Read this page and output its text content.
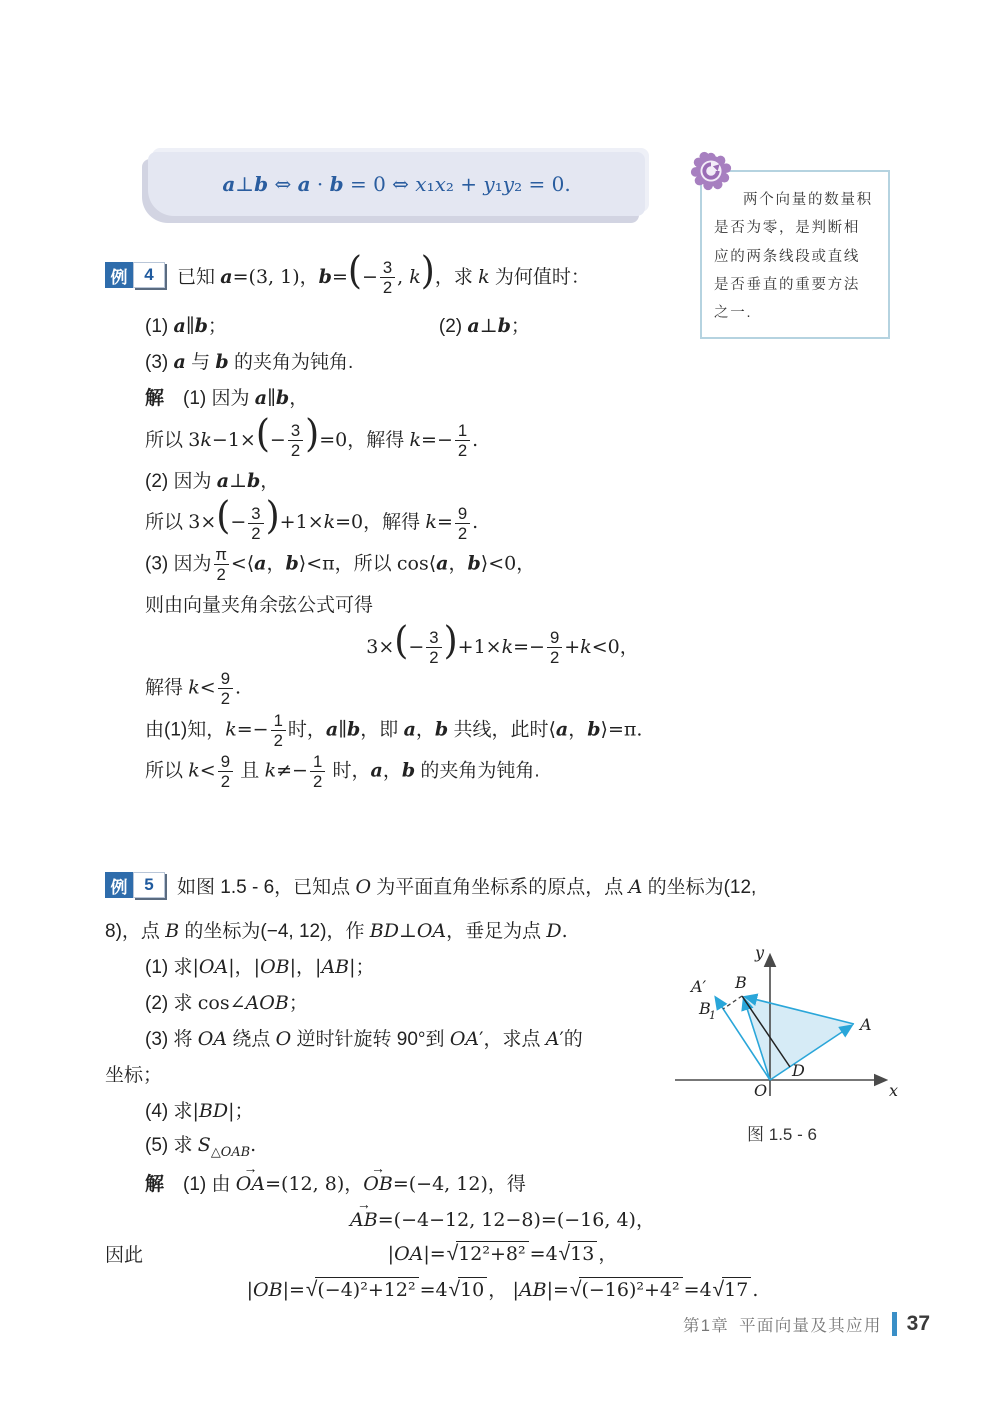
a⊥b ⇔ a · b = 0 ⇔ x₁x₂ + y₁y₂ = 0.
两个向量的数量积是否为零，是判断相应的两条线段或直线是否垂直的重要方法之一.
例 4	已知 a=(3, 1)，$b=(- \frac{3}{2}$ , k)，求 k 为何值时：
(1) a∥b；	(2) a⊥b；
(3) a 与 b 的夹角为钝角.
解　(1) 因为 a∥b，
所以 $3k-1\times(- \frac{3}{2} )=0$，解得 $k=- \frac{1}{2}$ .
(2) 因为 a⊥b，
所以 $3\times(- \frac{3}{2} )+1\times k=0$，解得 $k= \frac{9}{2}$ .
(3) 因为 $\frac{\pi}{2}$ <⟨a，b⟩<π，所以 cos⟨a，b⟩<0，
则由向量夹角余弦公式可得
$3\times(- \frac{3}{2} )+1\times k=- \frac{9}{2} +k<0$，
解得 $k< \frac{9}{2}$ .
由(1)知，$k=- \frac{1}{2}$ 时，a∥b，即 a，b 共线，此时⟨a，b⟩=π.
所以 $k< \frac{9}{2}$ 且 $k\ne- \frac{1}{2}$ 时，a，b 的夹角为钝角.
例 5	如图 1.5 - 6，已知点 O 为平面直角坐标系的原点，点 A 的坐标为(12,
8)，点 B 的坐标为(−4, 12)，作 BD⊥OA，垂足为点 D.
(1) 求|OA|，|OB|，|AB|；
(2) 求 cos∠AOB；
(3) 将 OA 绕点 O 逆时针旋转 90°到 OA′，求点 A′的
坐标；
(4) 求|BD|；
(5) 求 $S_{\triangle OAB}$.
解　(1) 由
→
OA=(12, 8)，
→
OB=(−4, 12)，得
→
AB=(−4−12, 12−8)=(−16, 4)，
因此	|OA|= √ 12²+8² =4 √ 13 ，
|OB|= √ (−4)²+12² =4 √ 10 ， |AB|= √ (−16)²+4² =4 √ 17 .
y
x
O
A
B
A′
B
1
D
图 1.5 - 6
第1章 平面向量及其应用 37
